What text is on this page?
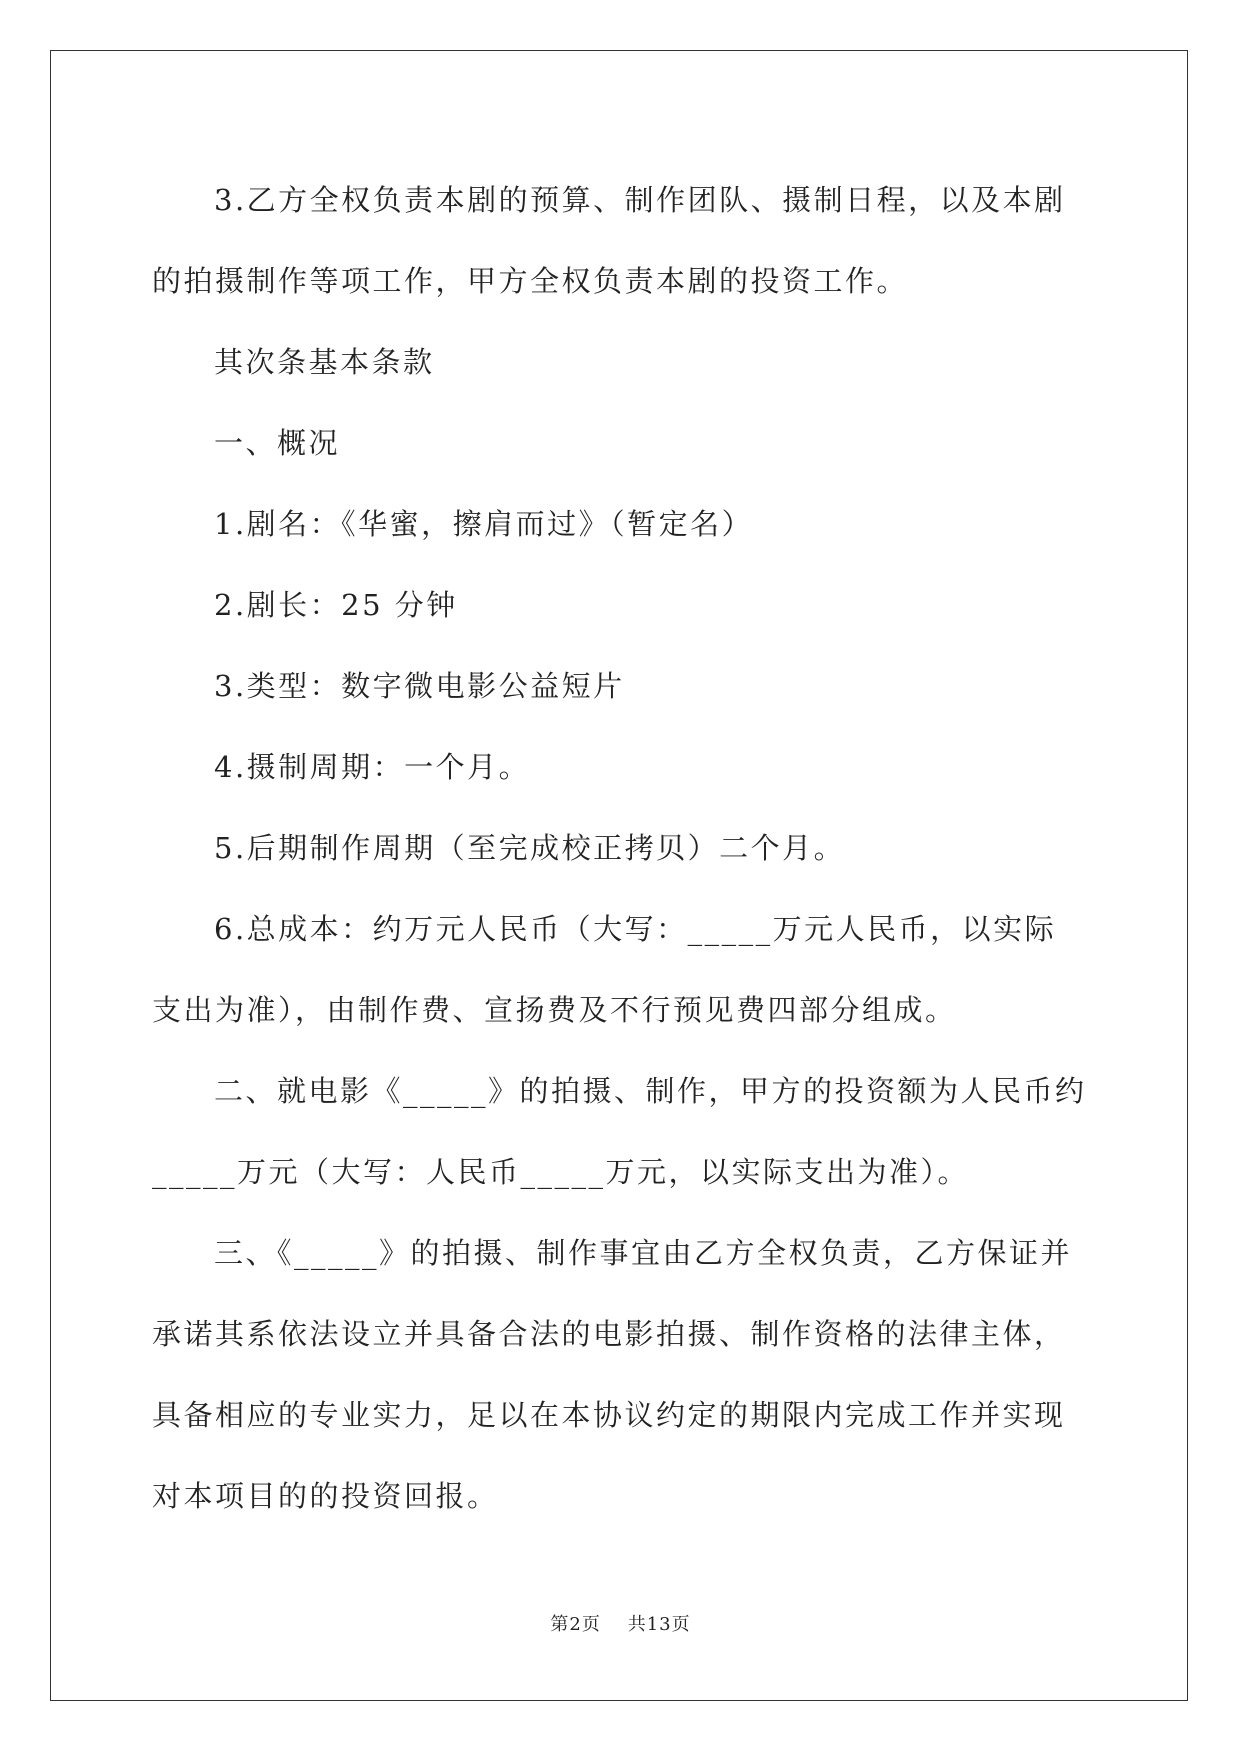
3.乙方全权负责本剧的预算、制作团队、摄制日程，以及本剧的拍摄制作等项工作，甲方全权负责本剧的投资工作。

其次条基本条款

一、概况

1.剧名：《华蜜，擦肩而过》（暂定名）

2.剧长：25 分钟

3.类型：数字微电影公益短片

4.摄制周期：一个月。

5.后期制作周期（至完成校正拷贝）二个月。

6.总成本：约万元人民币（大写：_____万元人民币，以实际支出为准），由制作费、宣扬费及不行预见费四部分组成。

二、就电影《_____》的拍摄、制作，甲方的投资额为人民币约_____万元（大写：人民币_____万元，以实际支出为准）。

三、《_____》的拍摄、制作事宜由乙方全权负责，乙方保证并承诺其系依法设立并具备合法的电影拍摄、制作资格的法律主体，具备相应的专业实力，足以在本协议约定的期限内完成工作并实现对本项目的的投资回报。

第2页 共13页
